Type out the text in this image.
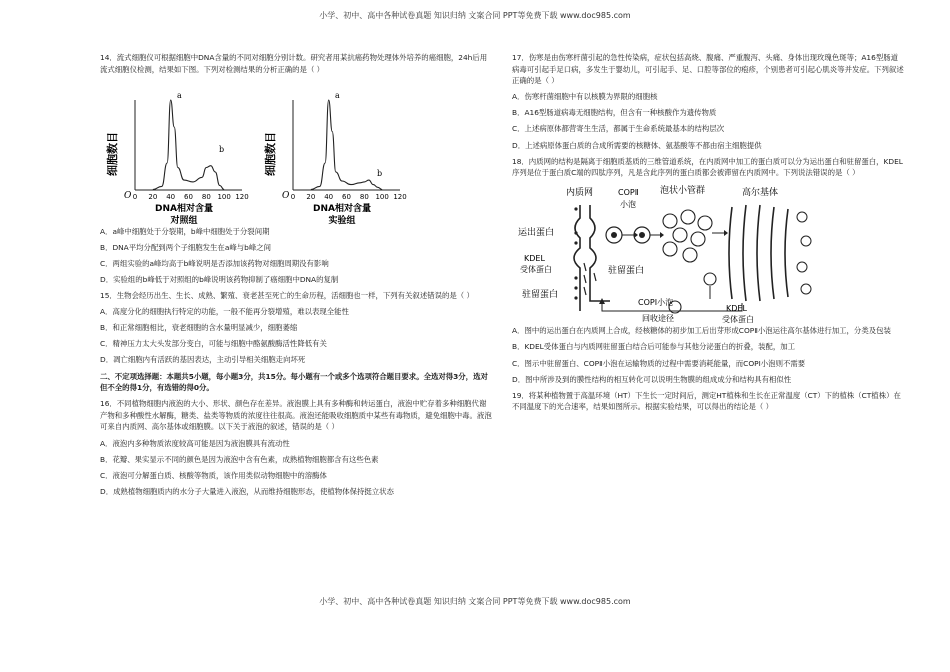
小学、初中、高中各种试卷真题 知识归纳 文案合同 PPT等免费下载 www.doc985.com

14．流式细胞仪可根据细胞中DNA含量的不同对细胞分别计数。研究者用某抗癌药物处理体外培养的癌细胞，24h后用流式细胞仪检测，结果如下图。下列对检测结果的分析正确的是（ ）

细胞数目
O 0 20 40 60 80 100 120
a
b
DNA相对含量
对照组
细胞数目
O 0 20 40 60 80 100 120
a
b
DNA相对含量
实验组

A．a峰中细胞处于分裂期，b峰中细胞处于分裂间期

B．DNA平均分配到两个子细胞发生在a峰与b峰之间

C．两组实验的a峰均高于b峰说明是否添加该药物对细胞周期没有影响

D．实验组的b峰低于对照组的b峰说明该药物抑制了癌细胞中DNA的复制

15．生物会经历出生、生长、成熟、繁殖、衰老甚至死亡的生命历程，活细胞也一样，下列有关叙述错误的是（ ）

A．高度分化的细胞执行特定的功能，一般不能再分裂增殖，难以表现全能性

B．和正常细胞相比，衰老细胞的含水量明显减少，细胞萎缩

C．精神压力太大头发部分变白，可能与细胞中酪氨酸酶活性降低有关

D．凋亡细胞内有活跃的基因表达，主动引导相关细胞走向坏死

二、不定项选择题：本题共5小题，每小题3分，共15分。每小题有一个或多个选项符合题目要求。全选对得3分，选对但不全的得1分，有选错的得0分。

16．不同植物细胞内液泡的大小、形状、颜色存在差异。液泡膜上具有多种酶和转运蛋白，液泡中贮存着多种细胞代谢产物和多种酸性水解酶，糖类、盐类等物质的浓度往往很高。液泡还能吸收细胞质中某些有毒物质，避免细胞中毒。液泡可来自内质网、高尔基体或细胞膜。以下关于液泡的叙述，错误的是（ ）

A．液泡内多种物质浓度较高可能是因为液泡膜具有流动性

B．花瓣、果实显示不同的颜色是因为液泡中含有色素，成熟植物细胞都含有这些色素

C．液泡可分解蛋白质、核酸等物质，该作用类似动物细胞中的溶酶体

D．成熟植物细胞质内的水分子大量进入液泡，从而维持细胞形态，使植物体保持挺立状态

17．伤寒是由伤寒杆菌引起的急性传染病，症状包括高烧、腹痛、严重腹泻、头痛、身体出现玫瑰色斑等；A16型肠道病毒可引起手足口病，多发生于婴幼儿，可引起手、足、口腔等部位的疱疹，个别患者可引起心肌炎等并发症。下列叙述正确的是（ ）

A．伤寒杆菌细胞中有以核膜为界限的细胞核

B．A16型肠道病毒无细胞结构，但含有一种核酸作为遗传物质

C．上述病原体都营寄生生活，都属于生命系统最基本的结构层次

D．上述病原体蛋白质的合成所需要的核糖体、氨基酸等不都由宿主细胞提供

18．内质网的结构是隔离于细胞质基质的三维管道系统，在内质网中加工的蛋白质可以分为运出蛋白和驻留蛋白，KDEL序列是位于蛋白质C端的四肽序列，凡是含此序列的蛋白质都会被滞留在内质网中。下列说法错误的是（ ）

内质网	COPⅡ
小泡
泡状小管群	高尔基体
运出蛋白
KDEL
受体蛋白	驻留蛋白
驻留蛋白
COPⅠ小泡
回收途径
KDEL
受体蛋白

A．图中的运出蛋白在内质网上合成，经核糖体的初步加工后出芽形成COPⅡ小泡运往高尔基体进行加工，分类及包装

B．KDEL受体蛋白与内质网驻留蛋白结合后可能参与其他分泌蛋白的折叠，装配，加工

C．图示中驻留蛋白、COPⅡ小泡在运输物质的过程中需要消耗能量，而COPⅠ小泡则不需要

D．图中所涉及到的膜性结构的相互转化可以说明生物膜的组成成分和结构具有相似性

19．将某种植物置于高温环境（HT）下生长一定时间后，测定HT植株和生长在正常温度（CT）下的植株（CT植株）在不同温度下的光合速率，结果如图所示。根据实验结果，可以得出的结论是（ ）

小学、初中、高中各种试卷真题 知识归纳 文案合同 PPT等免费下载 www.doc985.com
